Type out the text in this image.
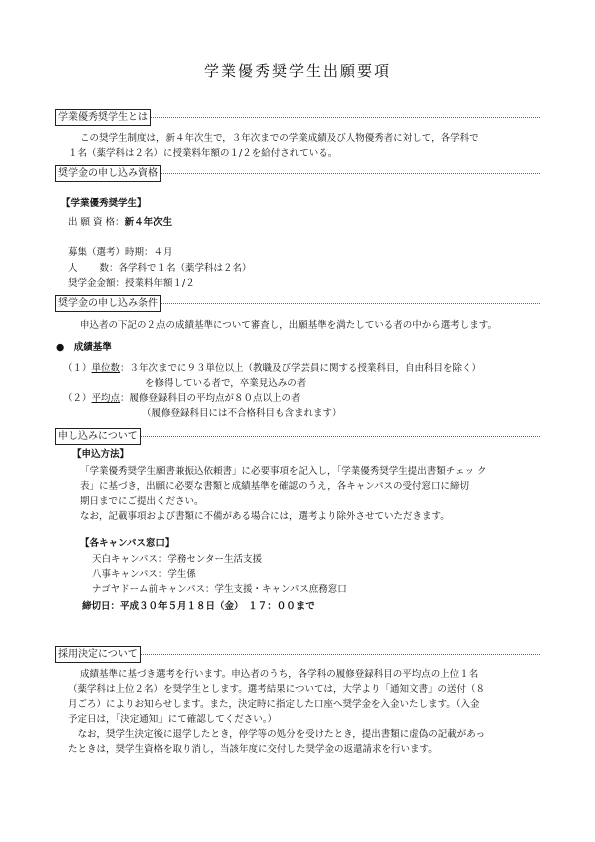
学業優秀奨学生出願要項
学業優秀奨学生とは
この奨学生制度は，新４年次生で，３年次までの学業成績及び人物優秀者に対して，各学科で
１名（薬学科は２名）に授業料年額の１/２を給付されている。
奨学金の申し込み資格
【学業優秀奨学生】
出 願 資 格：新４年次生
募集（選考）時期：４月
人　　 数：各学科で１名（薬学科は２名）
奨学金金額：授業料年額１/２
奨学金の申し込み条件
申込者の下記の２点の成績基準について審査し，出願基準を満たしている者の中から選考します。
●　成績基準
（１）単位数：３年次までに９３単位以上（教職及び学芸員に関する授業科目，自由科目を除く）
を修得している者で，卒業見込みの者
（２）平均点：履修登録科目の平均点が８０点以上の者
（履修登録科目には不合格科目も含まれます）
申し込みについて
【申込方法】
「学業優秀奨学生願書兼振込依頼書」に必要事項を記入し，「学業優秀奨学生提出書類チェッ ク
表」に基づき，出願に必要な書類と成績基準を確認のうえ，各キャンパスの受付窓口に締切
期日までにご提出ください。
なお，記載事項および書類に不備がある場合には，選考より除外させていただきます。
【各キャンパス窓口】
天白キャンパス：学務センター生活支援
八事キャンパス：学生係
ナゴヤドーム前キャンパス：学生支援・キャンパス庶務窓口
締切日：平成３０年５月１８日（金）　１７：００まで
採用決定について
成績基準に基づき選考を行います。申込者のうち，各学科の履修登録科目の平均点の上位１名
（薬学科は上位２名）を奨学生とします。選考結果については，大学より「通知文書」の送付（８
月ごろ）によりお知らせします。また，決定時に指定した口座へ奨学金を入金いたします。（入金
予定日は，「決定通知」にて確認してください。）
　なお，奨学生決定後に退学したとき，停学等の処分を受けたとき，提出書類に虚偽の記載があっ
たときは，奨学生資格を取り消し，当該年度に交付した奨学金の返還請求を行います。
